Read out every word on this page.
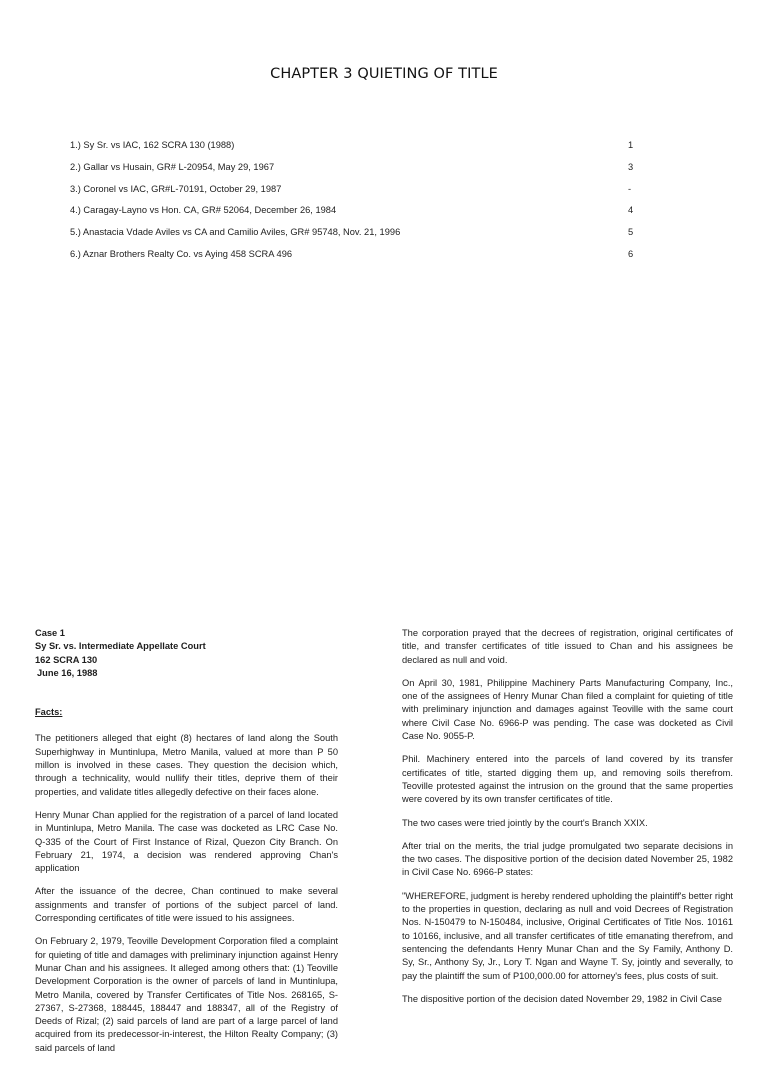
CHAPTER 3 QUIETING OF TITLE
1.) Sy Sr. vs IAC, 162 SCRA 130 (1988)	1
2.) Gallar vs Husain, GR# L-20954, May 29, 1967	3
3.) Coronel vs IAC, GR#L-70191, October 29, 1987	-
4.) Caragay-Layno vs Hon. CA, GR# 52064, December 26, 1984	4
5.) Anastacia Vdade Aviles vs CA and Camilio Aviles, GR# 95748, Nov. 21, 1996	5
6.) Aznar Brothers Realty Co. vs Aying 458 SCRA 496	6
Case 1
Sy Sr. vs. Intermediate Appellate Court
162 SCRA 130
June 16, 1988
Facts:

The petitioners alleged that eight (8) hectares of land along the South Superhighway in Muntinlupa, Metro Manila, valued at more than P 50 millon is involved in these cases. They question the decision which, through a technicality, would nullify their titles, deprive them of their properties, and validate titles allegedly defective on their faces alone.

Henry Munar Chan applied for the registration of a parcel of land located in Muntinlupa, Metro Manila. The case was docketed as LRC Case No. Q-335 of the Court of First Instance of Rizal, Quezon City Branch. On February 21, 1974, a decision was rendered approving Chan's application

After the issuance of the decree, Chan continued to make several assignments and transfer of portions of the subject parcel of land. Corresponding certificates of title were issued to his assignees.

On February 2, 1979, Teoville Development Corporation filed a complaint for quieting of title and damages with preliminary injunction against Henry Munar Chan and his assignees. It alleged among others that: (1) Teoville Development Corporation is the owner of parcels of land in Muntinlupa, Metro Manila, covered by Transfer Certificates of Title Nos. 268165, S-27367, S-27368, 188445, 188447 and 188347, all of the Registry of Deeds of Rizal; (2) said parcels of land are part of a large parcel of land acquired from its predecessor-in-interest, the Hilton Realty Company; (3) said parcels of land

The corporation prayed that the decrees of registration, original certificates of title, and transfer certificates of title issued to Chan and his assignees be declared as null and void.

On April 30, 1981, Philippine Machinery Parts Manufacturing Company, Inc., one of the assignees of Henry Munar Chan filed a complaint for quieting of title with preliminary injunction and damages against Teoville with the same court where Civil Case No. 6966-P was pending. The case was docketed as Civil Case No. 9055-P.

Phil. Machinery entered into the parcels of land covered by its transfer certificates of title, started digging them up, and removing soils therefrom. Teoville protested against the intrusion on the ground that the same properties were covered by its own transfer certificates of title.

The two cases were tried jointly by the court's Branch XXIX.

After trial on the merits, the trial judge promulgated two separate decisions in the two cases. The dispositive portion of the decision dated November 25, 1982 in Civil Case No. 6966-P states:

"WHEREFORE, judgment is hereby rendered upholding the plaintiff's better right to the properties in question, declaring as null and void Decrees of Registration Nos. N-150479 to N-150484, inclusive, Original Certificates of Title Nos. 10161 to 10166, inclusive, and all transfer certificates of title emanating therefrom, and sentencing the defendants Henry Munar Chan and the Sy Family, Anthony D. Sy, Sr., Anthony Sy, Jr., Lory T. Ngan and Wayne T. Sy, jointly and severally, to pay the plaintiff the sum of P100,000.00 for attorney's fees, plus costs of suit.

The dispositive portion of the decision dated November 29, 1982 in Civil Case
